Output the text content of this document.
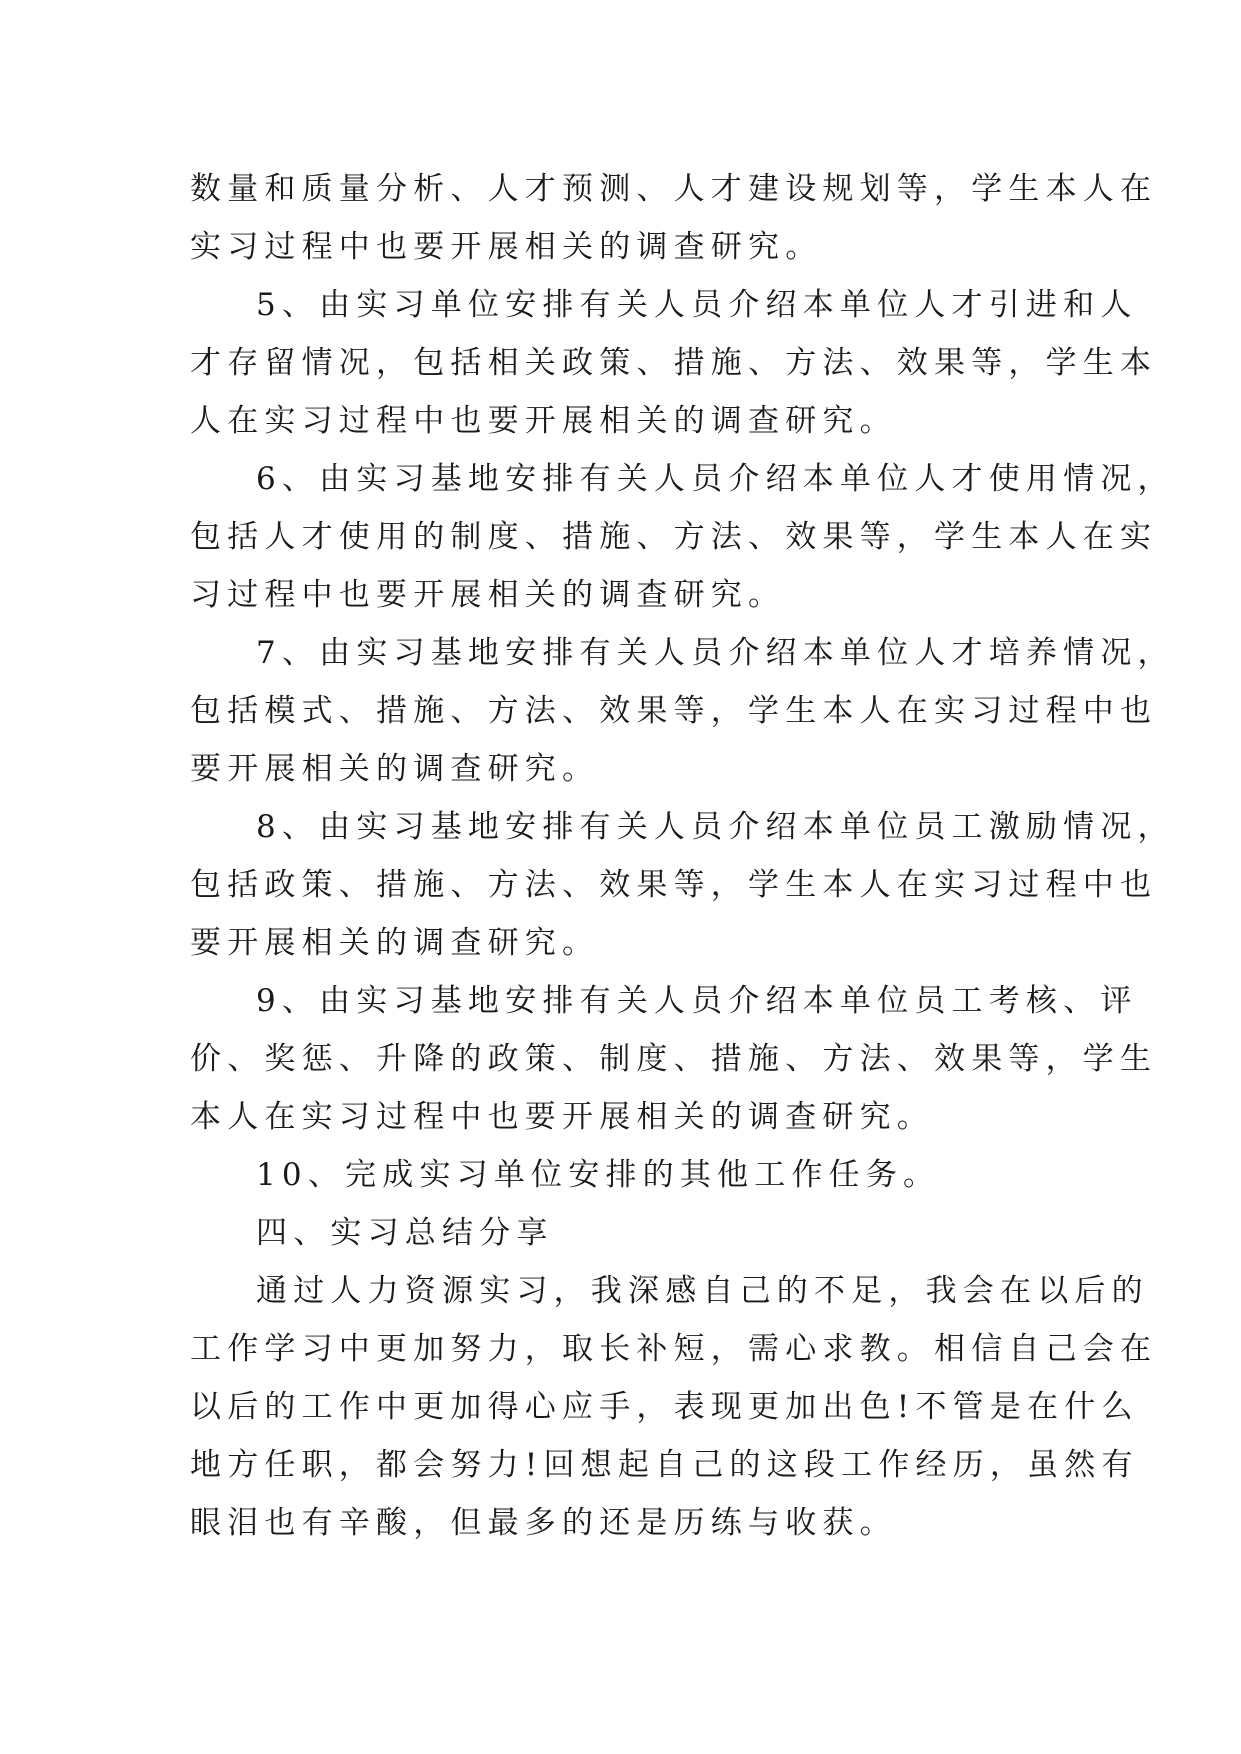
数量和质量分析、人才预测、人才建设规划等，学生本人在
实习过程中也要开展相关的调查研究。
5、由实习单位安排有关人员介绍本单位人才引进和人
才存留情况，包括相关政策、措施、方法、效果等，学生本
人在实习过程中也要开展相关的调查研究。
6、由实习基地安排有关人员介绍本单位人才使用情况，
包括人才使用的制度、措施、方法、效果等，学生本人在实
习过程中也要开展相关的调查研究。
7、由实习基地安排有关人员介绍本单位人才培养情况，
包括模式、措施、方法、效果等，学生本人在实习过程中也
要开展相关的调查研究。
8、由实习基地安排有关人员介绍本单位员工激励情况，
包括政策、措施、方法、效果等，学生本人在实习过程中也
要开展相关的调查研究。
9、由实习基地安排有关人员介绍本单位员工考核、评
价、奖惩、升降的政策、制度、措施、方法、效果等，学生
本人在实习过程中也要开展相关的调查研究。
10、完成实习单位安排的其他工作任务。
四、实习总结分享
通过人力资源实习，我深感自己的不足，我会在以后的
工作学习中更加努力，取长补短，需心求教。相信自己会在
以后的工作中更加得心应手，表现更加出色!不管是在什么
地方任职，都会努力!回想起自己的这段工作经历，虽然有
眼泪也有辛酸，但最多的还是历练与收获。
